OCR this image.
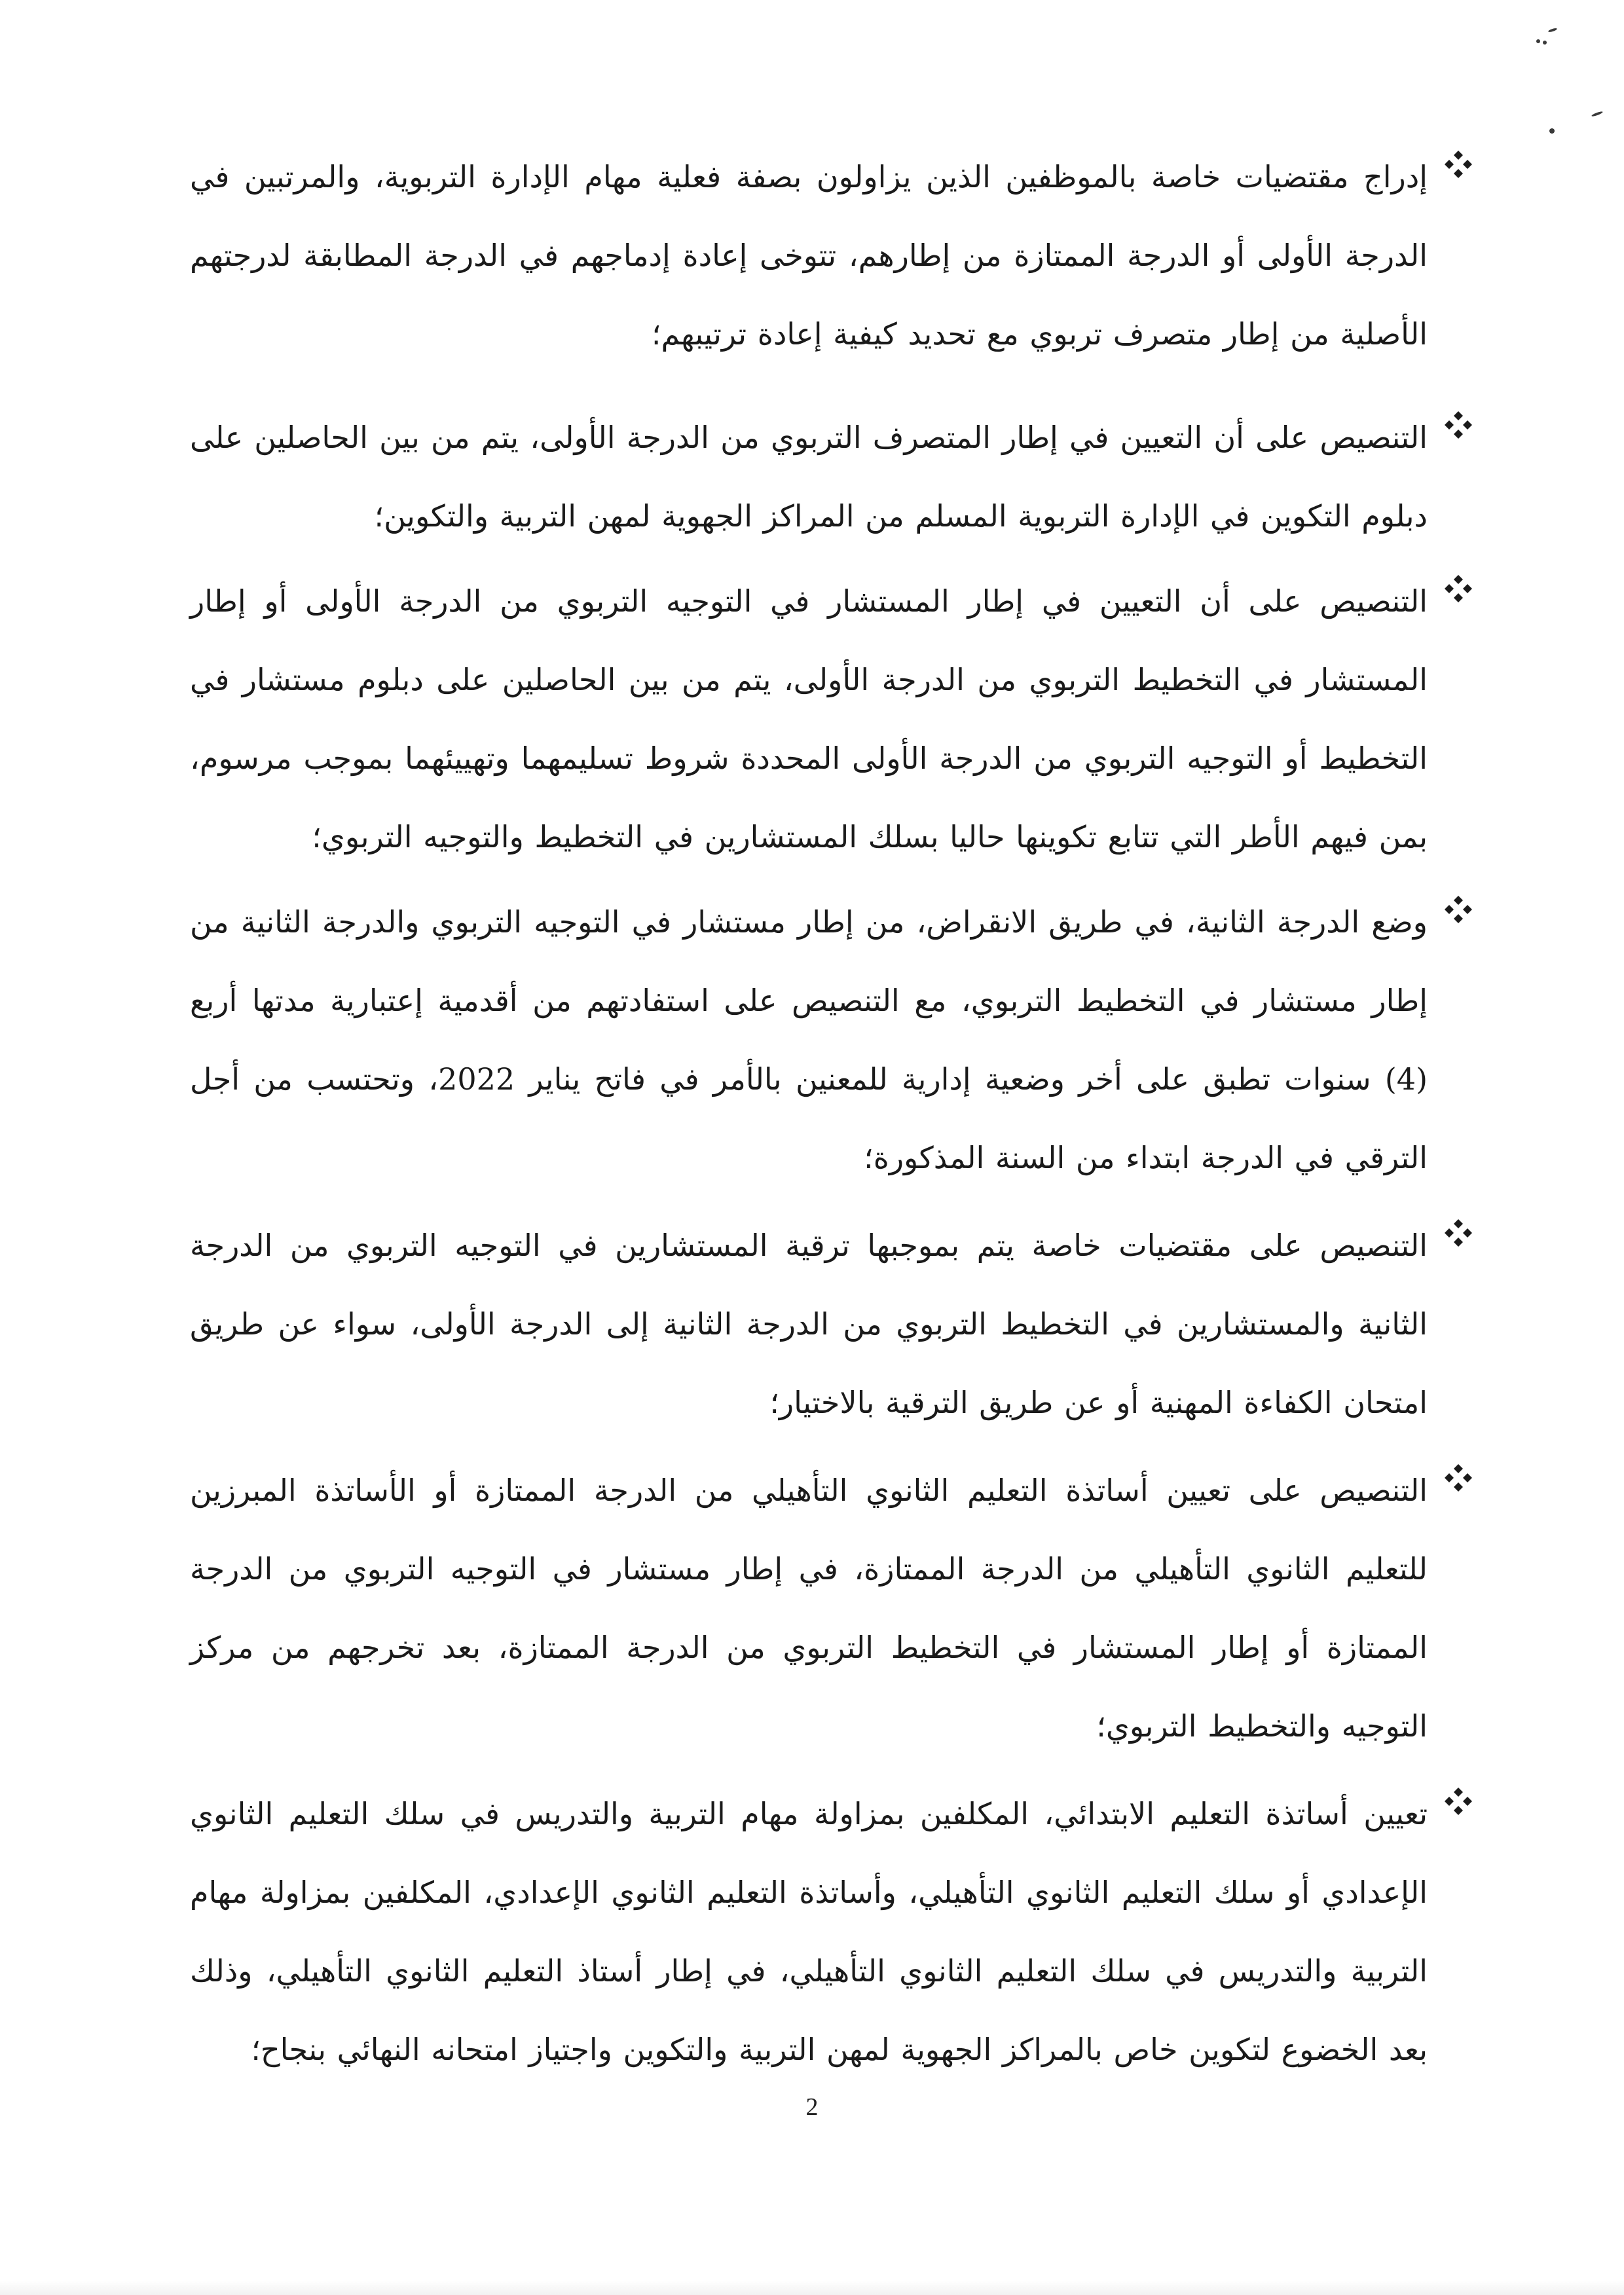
إدراج مقتضيات خاصة بالموظفين الذين يزاولون بصفة فعلية مهام الإدارة التربوية، والمرتبين في الدرجة الأولى أو الدرجة الممتازة من إطارهم، تتوخى إعادة إدماجهم في الدرجة المطابقة لدرجتهم الأصلية من إطار متصرف تربوي مع تحديد كيفية إعادة ترتيبهم؛
التنصيص على أن التعيين في إطار المتصرف التربوي من الدرجة الأولى، يتم من بين الحاصلين على دبلوم التكوين في الإدارة التربوية المسلم من المراكز الجهوية لمهن التربية والتكوين؛
التنصيص على أن التعيين في إطار المستشار في التوجيه التربوي من الدرجة الأولى أو إطار المستشار في التخطيط التربوي من الدرجة الأولى، يتم من بين الحاصلين على دبلوم مستشار في التخطيط أو التوجيه التربوي من الدرجة الأولى المحددة شروط تسليمهما وتهييئهما بموجب مرسوم، بمن فيهم الأطر التي تتابع تكوينها حاليا بسلك المستشارين في التخطيط والتوجيه التربوي؛
وضع الدرجة الثانية، في طريق الانقراض، من إطار مستشار في التوجيه التربوي والدرجة الثانية من إطار مستشار في التخطيط التربوي، مع التنصيص على استفادتهم من أقدمية إعتبارية مدتها أربع (4) سنوات تطبق على أخر وضعية إدارية للمعنين بالأمر في فاتح يناير 2022، وتحتسب من أجل الترقي في الدرجة ابتداء من السنة المذكورة؛
التنصيص على مقتضيات خاصة يتم بموجبها ترقية المستشارين في التوجيه التربوي من الدرجة الثانية والمستشارين في التخطيط التربوي من الدرجة الثانية إلى الدرجة الأولى، سواء عن طريق امتحان الكفاءة المهنية أو عن طريق الترقية بالاختيار؛
التنصيص على تعيين أساتذة التعليم الثانوي التأهيلي من الدرجة الممتازة أو الأساتذة المبرزين للتعليم الثانوي التأهيلي من الدرجة الممتازة، في إطار مستشار في التوجيه التربوي من الدرجة الممتازة أو إطار المستشار في التخطيط التربوي من الدرجة الممتازة، بعد تخرجهم من مركز التوجيه والتخطيط التربوي؛
تعيين أساتذة التعليم الابتدائي، المكلفين بمزاولة مهام التربية والتدريس في سلك التعليم الثانوي الإعدادي أو سلك التعليم الثانوي التأهيلي، وأساتذة التعليم الثانوي الإعدادي، المكلفين بمزاولة مهام التربية والتدريس في سلك التعليم الثانوي التأهيلي، في إطار أستاذ التعليم الثانوي التأهيلي، وذلك بعد الخضوع لتكوين خاص بالمراكز الجهوية لمهن التربية والتكوين واجتياز امتحانه النهائي بنجاح؛
2
